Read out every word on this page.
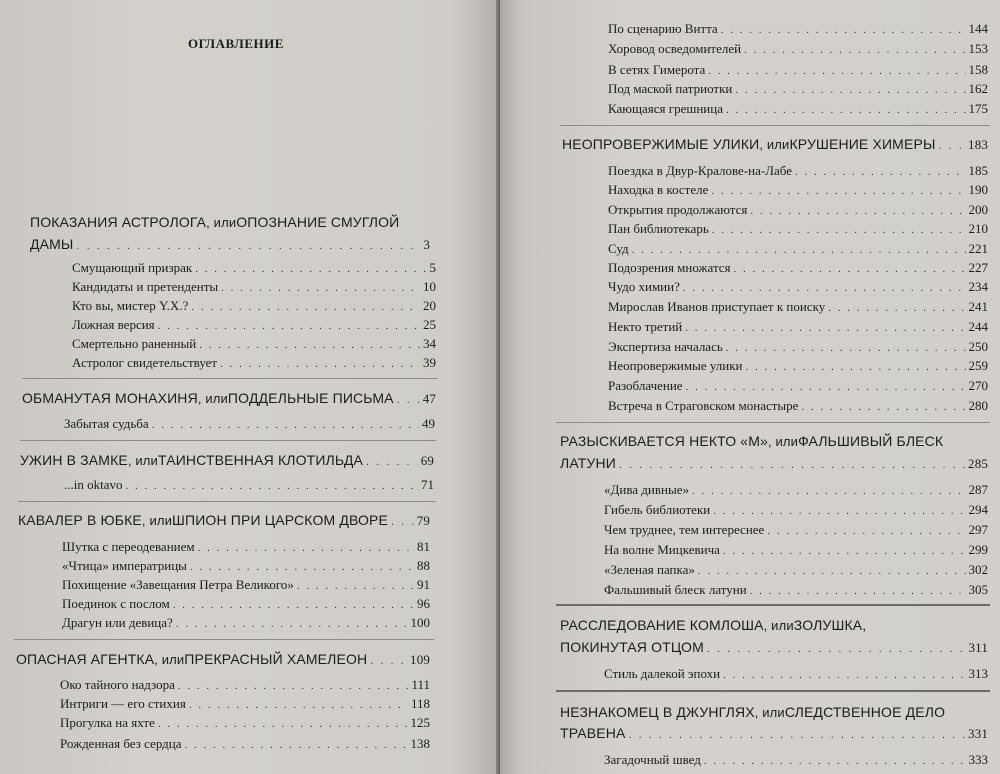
ОГЛАВЛЕНИЕ
ПОКАЗАНИЯ АСТРОЛОГА , или ОПОЗНАНИЕ СМУГЛОЙ
ДАМЫ . . .	3
Смущающий призрак . . .	5
Кандидаты и претенденты . . .	10
Кто вы, мистер Y.X.? . . .	20
Ложная версия . . .	25
Смертельно раненный . . .	34
Астролог свидетельствует . . .	39
ОБМАНУТАЯ МОНАХИНЯ , или ПОДДЕЛЬНЫЕ ПИСЬМА . . . 47
Забытая судьба . . .	49
УЖИН В ЗАМКЕ , или ТАИНСТВЕННАЯ КЛОТИЛЬДА . . .	69
...in oktavo . . .	71
КАВАЛЕР В ЮБКЕ , или ШПИОН ПРИ ЦАРСКОМ ДВОРЕ . . . 79
Шутка с переодеванием . . .	81
«Чтица» императрицы . . .	88
Похищение «Завещания Петра Великого» . . .	91
Поединок с послом . . .	96
Драгун или девица? . . .	100
ОПАСНАЯ АГЕНТКА , или ПРЕКРАСНЫЙ ХАМЕЛЕОН . . .	109
Око тайного надзора . . .	111
Интриги — его стихия . . .	118
Прогулка на яхте . . .	125
Рожденная без сердца . . .	138
По сценарию Витта . . .	144
Хоровод осведомителей . . .	153
В сетях Гимерота . . .	158
Под маской патриотки . . .	162
Кающаяся грешница . . .	175
НЕОПРОВЕРЖИМЫЕ УЛИКИ , или КРУШЕНИЕ ХИМЕРЫ . . .	183
Поездка в Двур-Кралове-на-Лабе . . .	185
Находка в костеле . . .	190
Открытия продолжаются . . .	200
Пан библиотекарь . . .	210
Суд . . .	221
Подозрения множатся . . .	227
Чудо химии? . . .	234
Мирослав Иванов приступает к поиску . . .	241
Некто третий . . .	244
Экспертиза началась . . .	250
Неопровержимые улики . . .	259
Разоблачение . . .	270
Встреча в Страговском монастыре . . .	280
РАЗЫСКИВАЕТСЯ НЕКТО «М» , или ФАЛЬШИВЫЙ БЛЕСК
ЛАТУНИ . . .	285
«Дива дивные» . . .	287
Гибель библиотеки . . .	294
Чем труднее, тем интереснее . . .	297
На волне Мицкевича . . .	299
«Зеленая папка» . . .	302
Фальшивый блеск латуни . . .	305
РАССЛЕДОВАНИЕ КОМЛОША , или ЗОЛУШКА,
ПОКИНУТАЯ ОТЦОМ . . .	311
Стиль далекой эпохи . . .	313
НЕЗНАКОМЕЦ В ДЖУНГЛЯХ , или СЛЕДСТВЕННОЕ ДЕЛО
ТРАВЕНА . . .	331
Загадочный швед . . .	333
